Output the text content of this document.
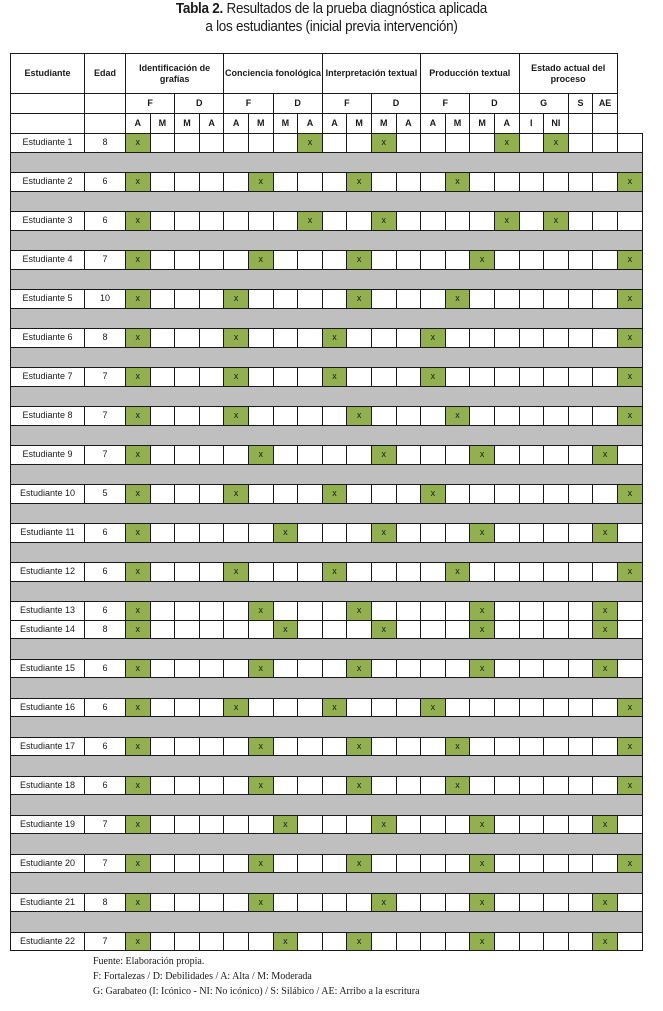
Tabla 2. Resultados de la prueba diagnóstica aplicada
a los estudiantes (inicial previa intervención)
Estudiante	Edad	Identificación de grafías				Conciencia fonológica				Interpretación textual				Producción textual				Estado actual del proceso				
		F		D		F		D		F		D		F		D		G		S	AE	
		A	M	M	A	A	M	M	A	A	M	M	A	A	M	M	A	I	NI			
Estudiante 1	8	x							x			x					x		x			

Estudiante 2	6	x					x				x				x							x

Estudiante 3	6	x							x			x					x		x			

Estudiante 4	7	x					x				x					x						x

Estudiante 5	10	x				x					x				x							x

Estudiante 6	8	x				x				x				x								x

Estudiante 7	7	x				x				x				x								x

Estudiante 8	7	x				x					x				x							x

Estudiante 9	7	x					x					x				x					x	

Estudiante 10	5	x				x				x				x								x

Estudiante 11	6	x						x				x				x					x	

Estudiante 12	6	x				x				x					x							x

Estudiante 13	6	x					x				x					x					x	
Estudiante 14	8	x						x				x				x					x	

Estudiante 15	6	x					x				x					x					x	

Estudiante 16	6	x				x				x				x								x

Estudiante 17	6	x					x				x				x							x

Estudiante 18	6	x					x				x				x							x

Estudiante 19	7	x						x				x				x					x	

Estudiante 20	7	x					x				x					x						x

Estudiante 21	8	x					x					x				x					x	

Estudiante 22	7	x						x			x					x					x	
Fuente: Elaboración propia.
F: Fortalezas / D: Debilidades / A: Alta / M: Moderada
G: Garabateo (I: Icónico - NI: No icónico) / S: Silábico / AE: Arribo a la escritura
